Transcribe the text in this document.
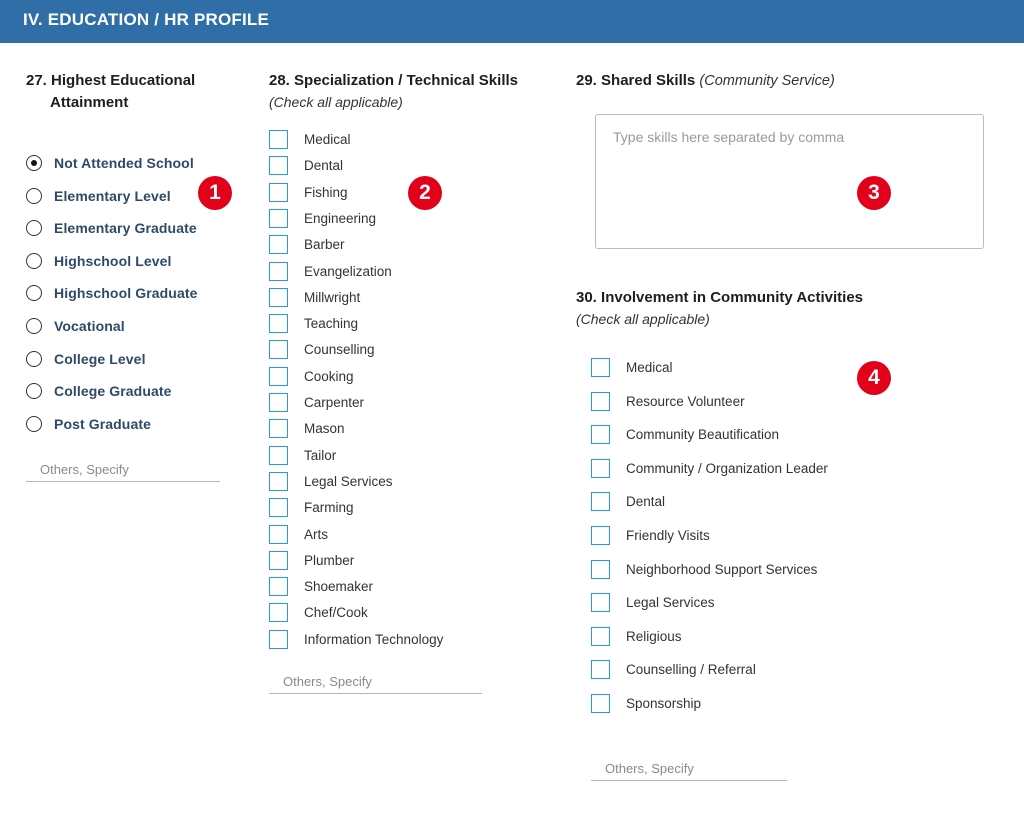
IV. EDUCATION / HR PROFILE
27. Highest Educational
Attainment
Not Attended School
Elementary Level
Elementary Graduate
Highschool Level
Highschool Graduate
Vocational
College Level
College Graduate
Post Graduate
Others, Specify
1
28. Specialization / Technical Skills
(Check all applicable)
Medical
Dental
Fishing
Engineering
Barber
Evangelization
Millwright
Teaching
Counselling
Cooking
Carpenter
Mason
Tailor
Legal Services
Farming
Arts
Plumber
Shoemaker
Chef/Cook
Information Technology
Others, Specify
2
29. Shared Skills (Community Service)
Type skills here separated by comma
3
30. Involvement in Community Activities
(Check all applicable)
Medical
Resource Volunteer
Community Beautification
Community / Organization Leader
Dental
Friendly Visits
Neighborhood Support Services
Legal Services
Religious
Counselling / Referral
Sponsorship
Others, Specify
4
